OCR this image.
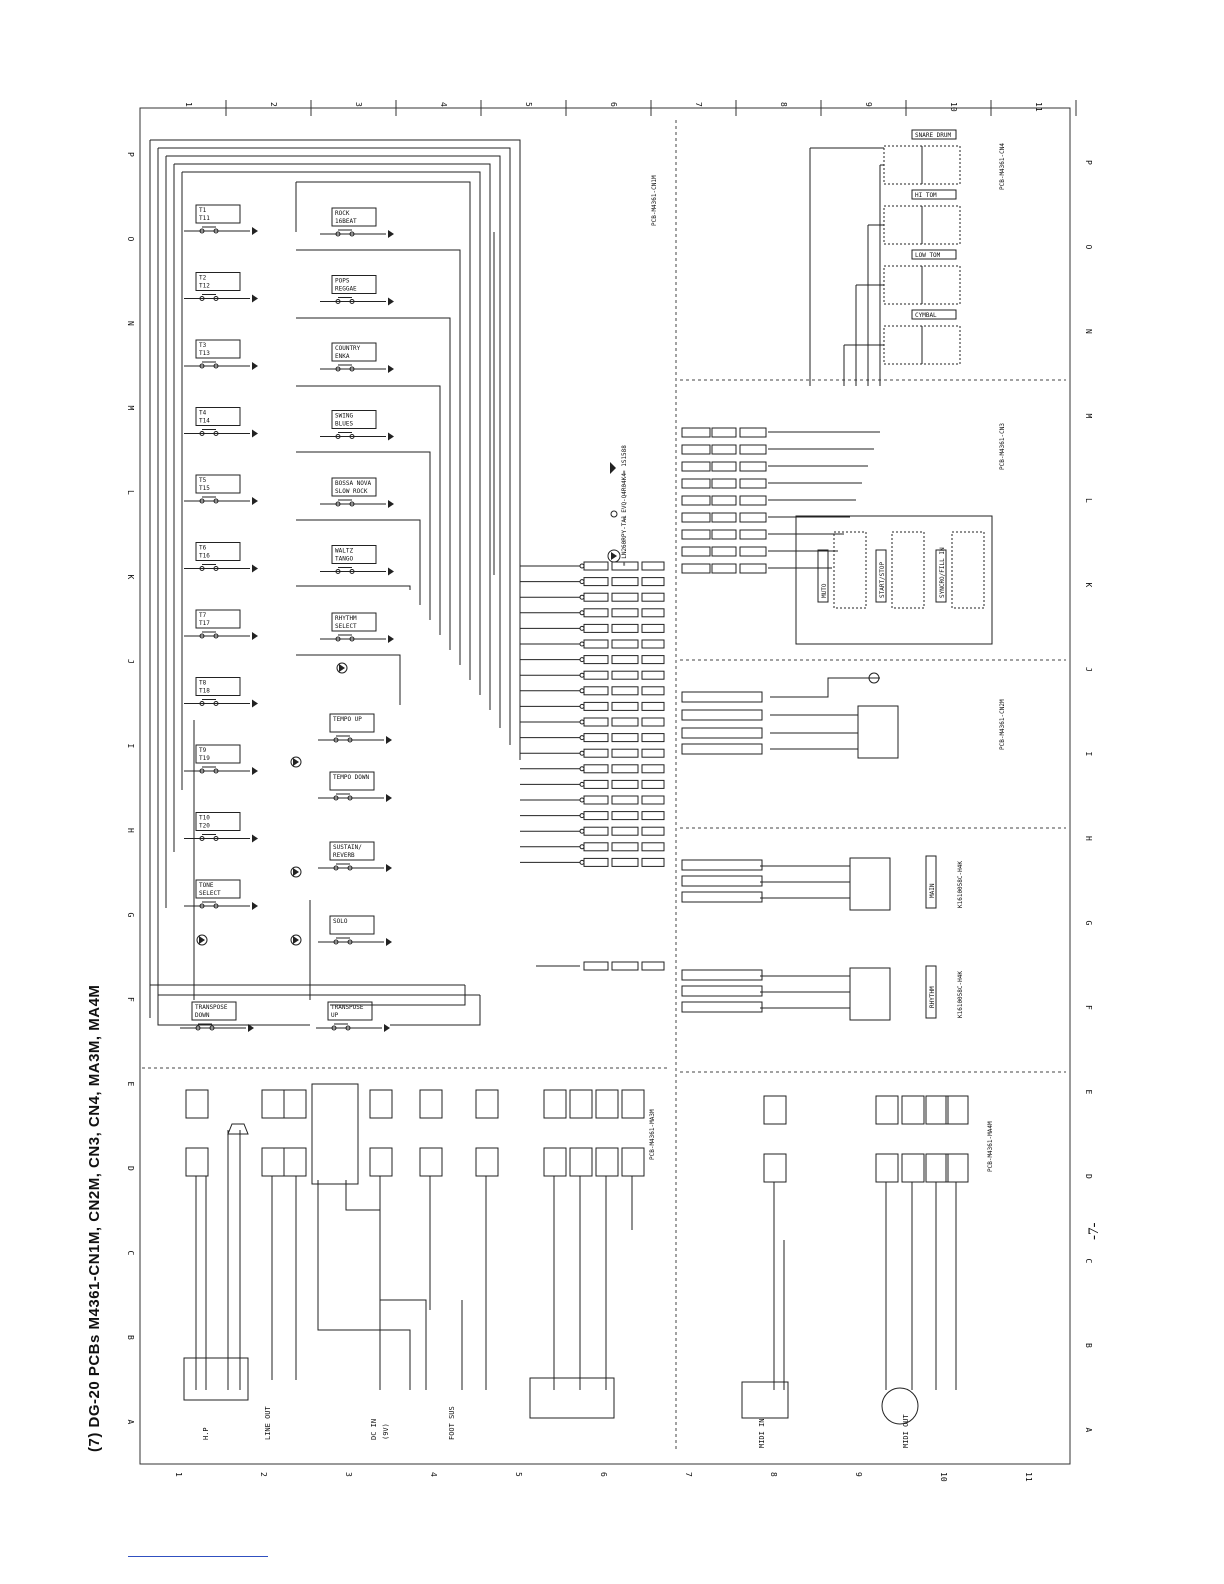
(7) DG-20 PCBs M4361-CN1M, CN2M, CN3, CN4, MA3M, MA4M	-7-
1	2	3	4	5	6	7	8	9	10	11
1	2	3	4	5	6	7	8	9	10	11
P
O
N
M
L
K
J
I
H
G
F
E
D
C
B
A
P
O
N
M
L
K
J
I
H
G
F
E
D
C
B
A
T1
T11
T2
T12
T3
T13
T4
T14
T5
T15
T6
T16
T7
T17
T8
T18
T9
T19
T10
T20
TONE
SELECT
ROCK
16BEAT
POPS
REGGAE
COUNTRY
ENKA
SWING
BLUES
BOSSA NOVA
SLOW ROCK
WALTZ
TANGO
RHYTHM
SELECT
TEMPO UP
TEMPO DOWN
SUSTAIN/
REVERB
SOLO
TRANSPOSE
DOWN
TRANSPOSE
UP
SNARE DRUM
HI TOM
LOW TOM
CYMBAL
MUTO	START/STOP	SYNCRO/FILL IN
MAIN	K1610058C-H4K
RHYTHM	K1610058C-H4K
= 1S1588
= EVQ-Q4R04K4
= LN260RPY-TA1
PCB-M4361-CN1M
PCB-M4361-CN4
PCB-M4361-CN3
PCB-M4361-CN2M
PCB-M4361-MA3M	PCB-M4361-MA4M
H.P	LINE OUT	DC IN (9V)	FOOT SUS	MIDI IN	MIDI OUT
